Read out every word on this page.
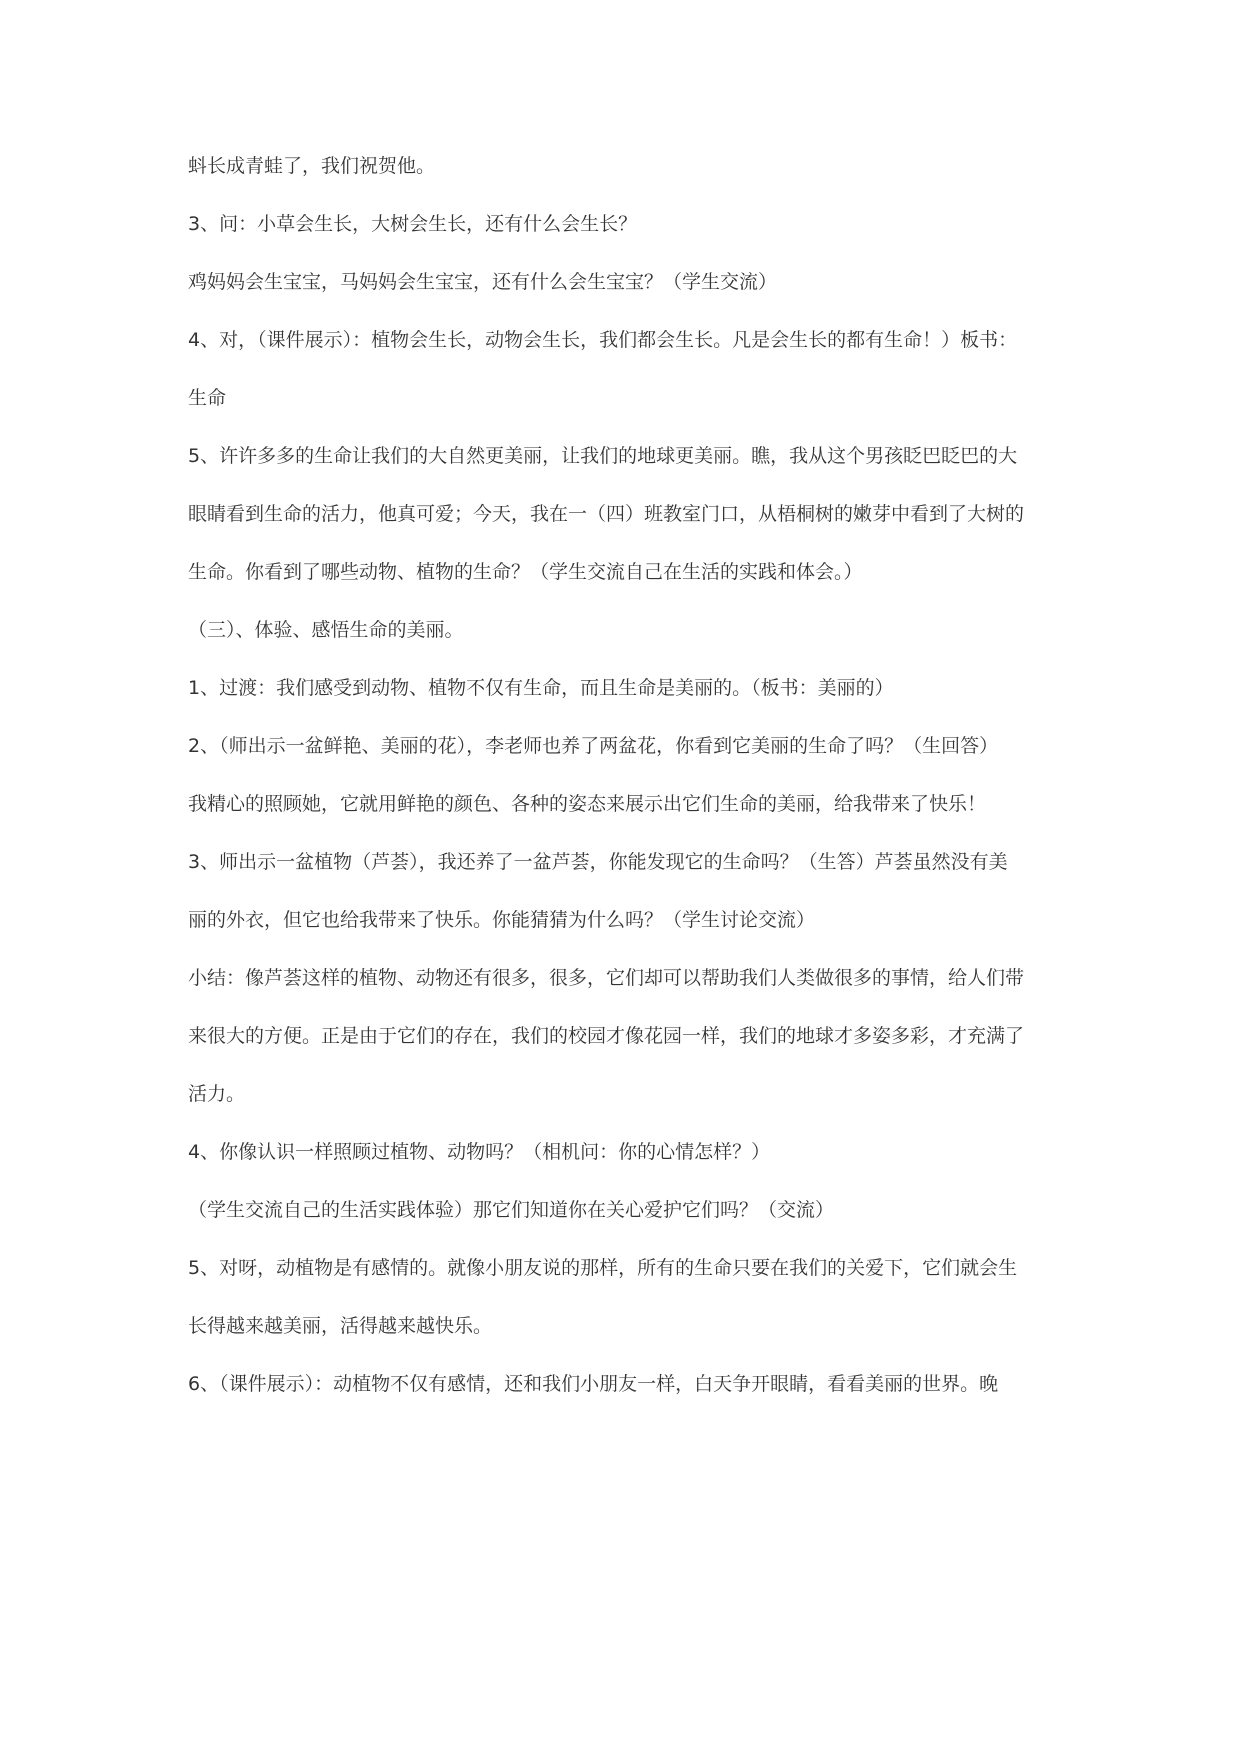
蚪长成青蛙了，我们祝贺他。
3、问：小草会生长，大树会生长，还有什么会生长？
鸡妈妈会生宝宝，马妈妈会生宝宝，还有什么会生宝宝？（学生交流）
4、对，（课件展示）：植物会生长，动物会生长，我们都会生长。凡是会生长的都有生命！）板书：
生命
5、许许多多的生命让我们的大自然更美丽，让我们的地球更美丽。瞧，我从这个男孩眨巴眨巴的大
眼睛看到生命的活力，他真可爱；今天，我在一（四）班教室门口，从梧桐树的嫩芽中看到了大树的
生命。你看到了哪些动物、植物的生命？（学生交流自己在生活的实践和体会。）
（三）、体验、感悟生命的美丽。
1、过渡：我们感受到动物、植物不仅有生命，而且生命是美丽的。（板书：美丽的）
2、（师出示一盆鲜艳、美丽的花），李老师也养了两盆花，你看到它美丽的生命了吗？（生回答）
我精心的照顾她，它就用鲜艳的颜色、各种的姿态来展示出它们生命的美丽，给我带来了快乐！
3、师出示一盆植物（芦荟），我还养了一盆芦荟，你能发现它的生命吗？（生答）芦荟虽然没有美
丽的外衣，但它也给我带来了快乐。你能猜猜为什么吗？（学生讨论交流）
小结：像芦荟这样的植物、动物还有很多，很多，它们却可以帮助我们人类做很多的事情，给人们带
来很大的方便。正是由于它们的存在，我们的校园才像花园一样，我们的地球才多姿多彩，才充满了
活力。
4、你像认识一样照顾过植物、动物吗？（相机问：你的心情怎样？）
（学生交流自己的生活实践体验）那它们知道你在关心爱护它们吗？（交流）
5、对呀，动植物是有感情的。就像小朋友说的那样，所有的生命只要在我们的关爱下，它们就会生
长得越来越美丽，活得越来越快乐。
6、（课件展示）：动植物不仅有感情，还和我们小朋友一样，白天争开眼睛，看看美丽的世界。晚
